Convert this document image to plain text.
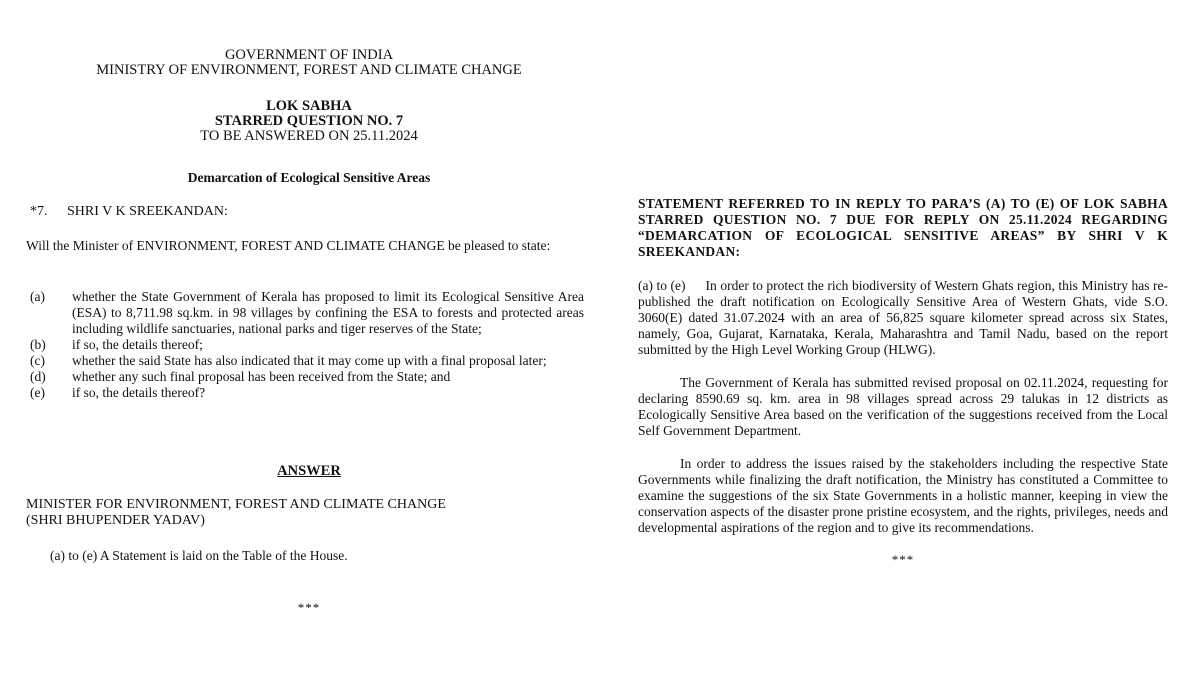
GOVERNMENT OF INDIA
MINISTRY OF ENVIRONMENT, FOREST AND CLIMATE CHANGE
LOK SABHA
STARRED QUESTION NO. 7
TO BE ANSWERED ON 25.11.2024
Demarcation of Ecological Sensitive Areas
*7. SHRI V K SREEKANDAN:
Will the Minister of ENVIRONMENT, FOREST AND CLIMATE CHANGE be pleased to state:
(a)	whether the State Government of Kerala has proposed to limit its Ecological Sensitive Area (ESA) to 8,711.98 sq.km. in 98 villages by confining the ESA to forests and protected areas including wildlife sanctuaries, national parks and tiger reserves of the State;
(b)	if so, the details thereof;
(c)	whether the said State has also indicated that it may come up with a final proposal later;
(d)	whether any such final proposal has been received from the State; and
(e)	if so, the details thereof?
ANSWER
MINISTER FOR ENVIRONMENT, FOREST AND CLIMATE CHANGE
(SHRI BHUPENDER YADAV)
(a) to (e) A Statement is laid on the Table of the House.
***
STATEMENT REFERRED TO IN REPLY TO PARA’S (A) TO (E) OF LOK SABHA STARRED QUESTION NO. 7 DUE FOR REPLY ON 25.11.2024 REGARDING “DEMARCATION OF ECOLOGICAL SENSITIVE AREAS” BY SHRI V K SREEKANDAN:
(a) to (e) In order to protect the rich biodiversity of Western Ghats region, this Ministry has re-published the draft notification on Ecologically Sensitive Area of Western Ghats, vide S.O. 3060(E) dated 31.07.2024 with an area of 56,825 square kilometer spread across six States, namely, Goa, Gujarat, Karnataka, Kerala, Maharashtra and Tamil Nadu, based on the report submitted by the High Level Working Group (HLWG).
The Government of Kerala has submitted revised proposal on 02.11.2024, requesting for declaring 8590.69 sq. km. area in 98 villages spread across 29 talukas in 12 districts as Ecologically Sensitive Area based on the verification of the suggestions received from the Local Self Government Department.
In order to address the issues raised by the stakeholders including the respective State Governments while finalizing the draft notification, the Ministry has constituted a Committee to examine the suggestions of the six State Governments in a holistic manner, keeping in view the conservation aspects of the disaster prone pristine ecosystem, and the rights, privileges, needs and developmental aspirations of the region and to give its recommendations.
***
